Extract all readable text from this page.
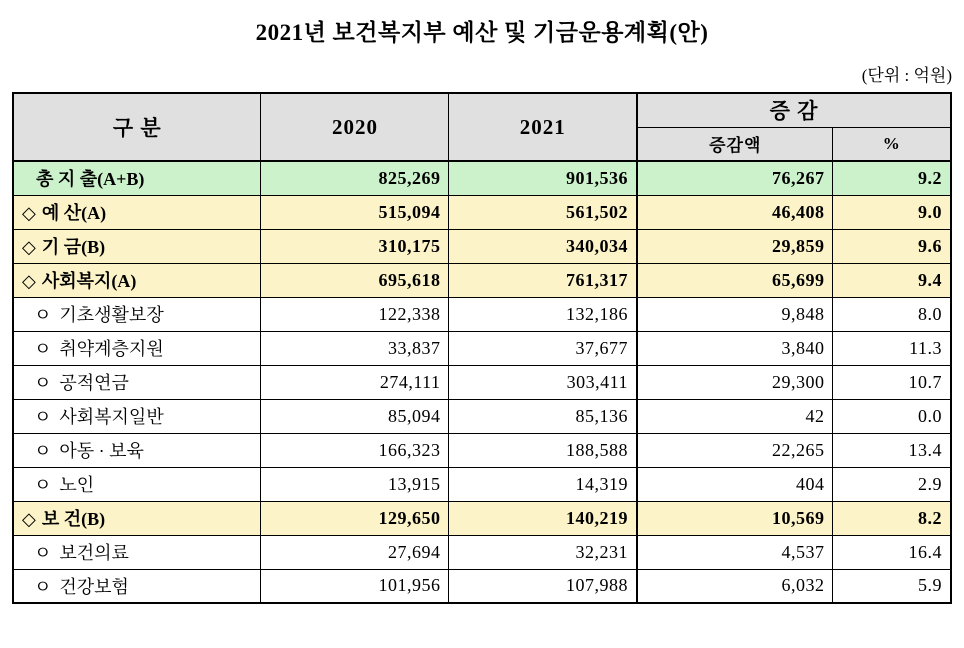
2021년 보건복지부 예산 및 기금운용계획(안)
(단위 : 억원)
구 분	2020	2021	증 감	
			증감액	%
총 지 출(A+B)	825,269	901,536	76,267	9.2
◇ 예 산(A)	515,094	561,502	46,408	9.0
◇ 기 금(B)	310,175	340,034	29,859	9.6
◇ 사회복지(A)	695,618	761,317	65,699	9.4
ㅇ 기초생활보장	122,338	132,186	9,848	8.0
ㅇ 취약계층지원	33,837	37,677	3,840	11.3
ㅇ 공적연금	274,111	303,411	29,300	10.7
ㅇ 사회복지일반	85,094	85,136	42	0.0
ㅇ 아동 · 보육	166,323	188,588	22,265	13.4
ㅇ 노인	13,915	14,319	404	2.9
◇ 보 건(B)	129,650	140,219	10,569	8.2
ㅇ 보건의료	27,694	32,231	4,537	16.4
ㅇ 건강보험	101,956	107,988	6,032	5.9
